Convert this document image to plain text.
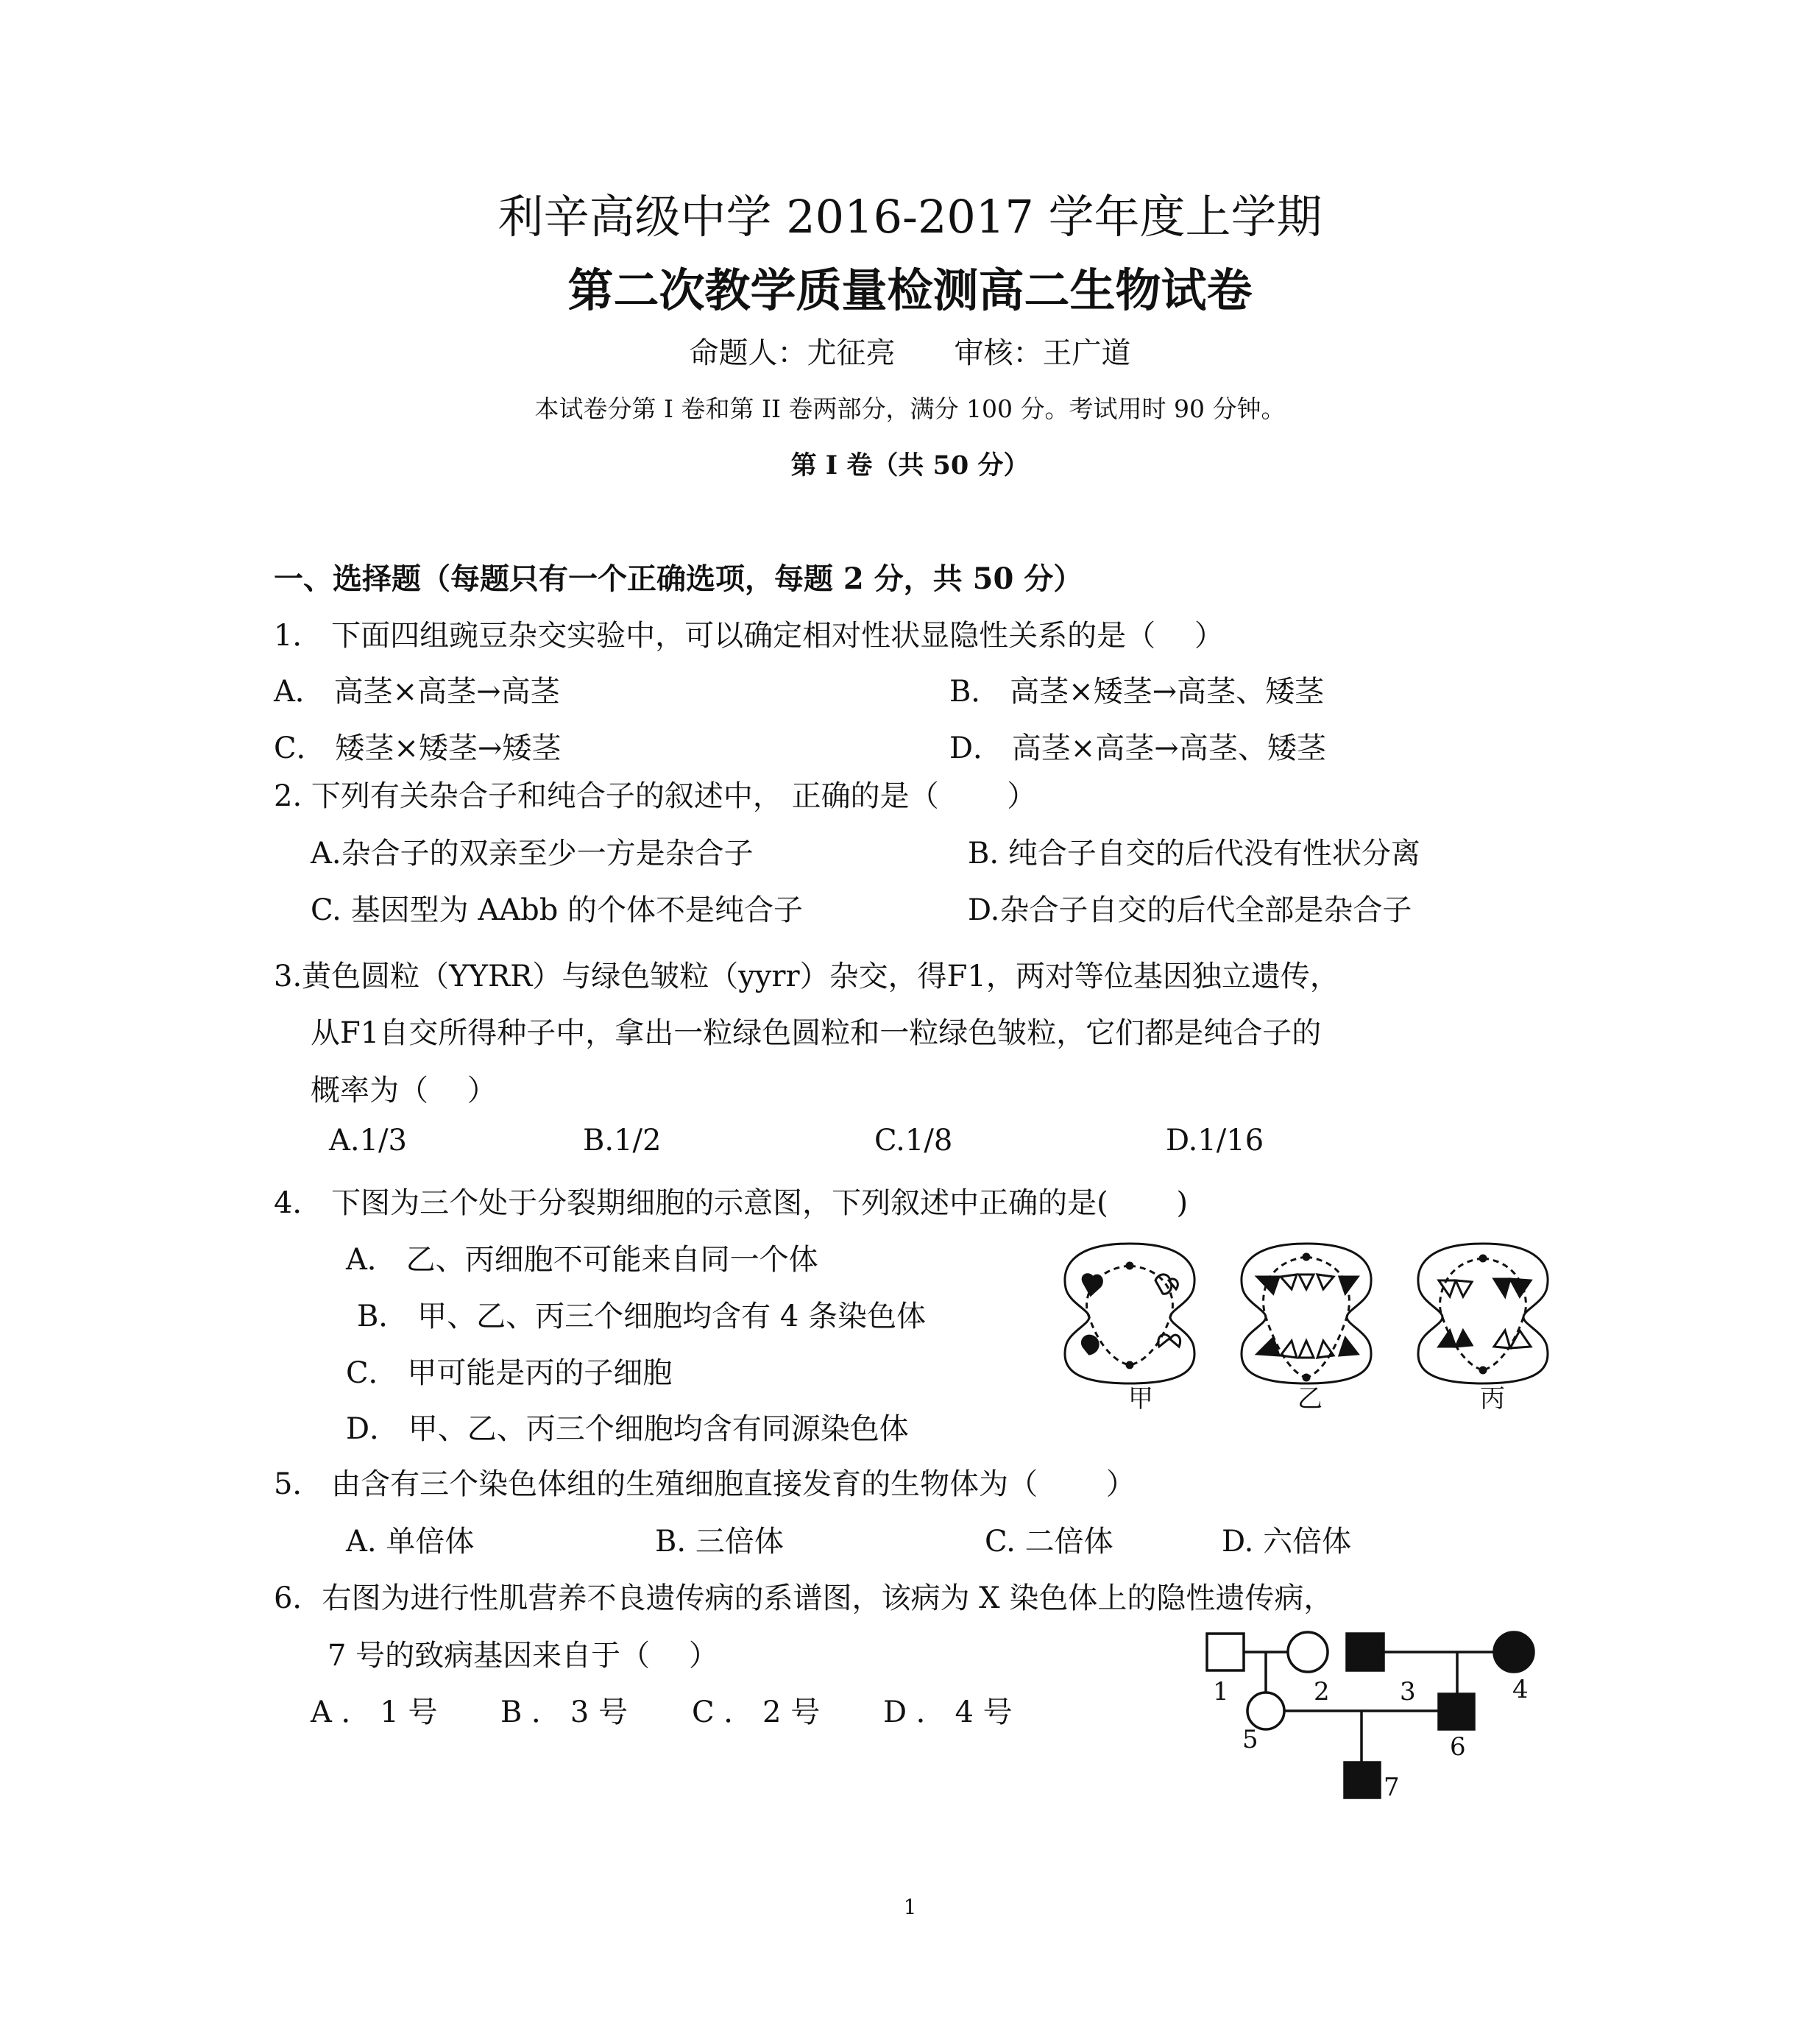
利辛高级中学 2016-2017 学年度上学期
第二次教学质量检测高二生物试卷
命题人：尤征亮 审核：王广道
本试卷分第 I 卷和第 II 卷两部分，满分 100 分。考试用时 90 分钟。
第 I 卷（共 50 分）
一、选择题（每题只有一个正确选项，每题 2 分，共 50 分）
1． 下面四组豌豆杂交实验中，可以确定相对性状显隐性关系的是（　 ）
A． 高茎×高茎→高茎	B． 高茎×矮茎→高茎、矮茎
C． 矮茎×矮茎→矮茎	D． 高茎×高茎→高茎、矮茎
2. 下列有关杂合子和纯合子的叙述中， 正确的是（　　 ）
A.杂合子的双亲至少一方是杂合子	B. 纯合子自交的后代没有性状分离
C. 基因型为 AAbb 的个体不是纯合子	D.杂合子自交的后代全部是杂合子
3.黄色圆粒（YYRR）与绿色皱粒（yyrr）杂交，得F1，两对等位基因独立遗传，
从F1自交所得种子中，拿出一粒绿色圆粒和一粒绿色皱粒，它们都是纯合子的
概率为（　 ）
A.1/3	B.1/2	C.1/8	D.1/16
4． 下图为三个处于分裂期细胞的示意图，下列叙述中正确的是(　　 )
A． 乙、丙细胞不可能来自同一个体
B． 甲、乙、丙三个细胞均含有 4 条染色体
C． 甲可能是丙的子细胞
D． 甲、乙、丙三个细胞均含有同源染色体
甲	乙	丙
5． 由含有三个染色体组的生殖细胞直接发育的生物体为（　　 ）
A. 单倍体	B. 三倍体	C. 二倍体	D. 六倍体
6．右图为进行性肌营养不良遗传病的系谱图，该病为 X 染色体上的隐性遗传病，
7 号的致病基因来自于（　 ）
A ． 1 号 B ． 3 号 C ． 2 号 D ． 4 号
1	2	3	4
5	6
7
1
